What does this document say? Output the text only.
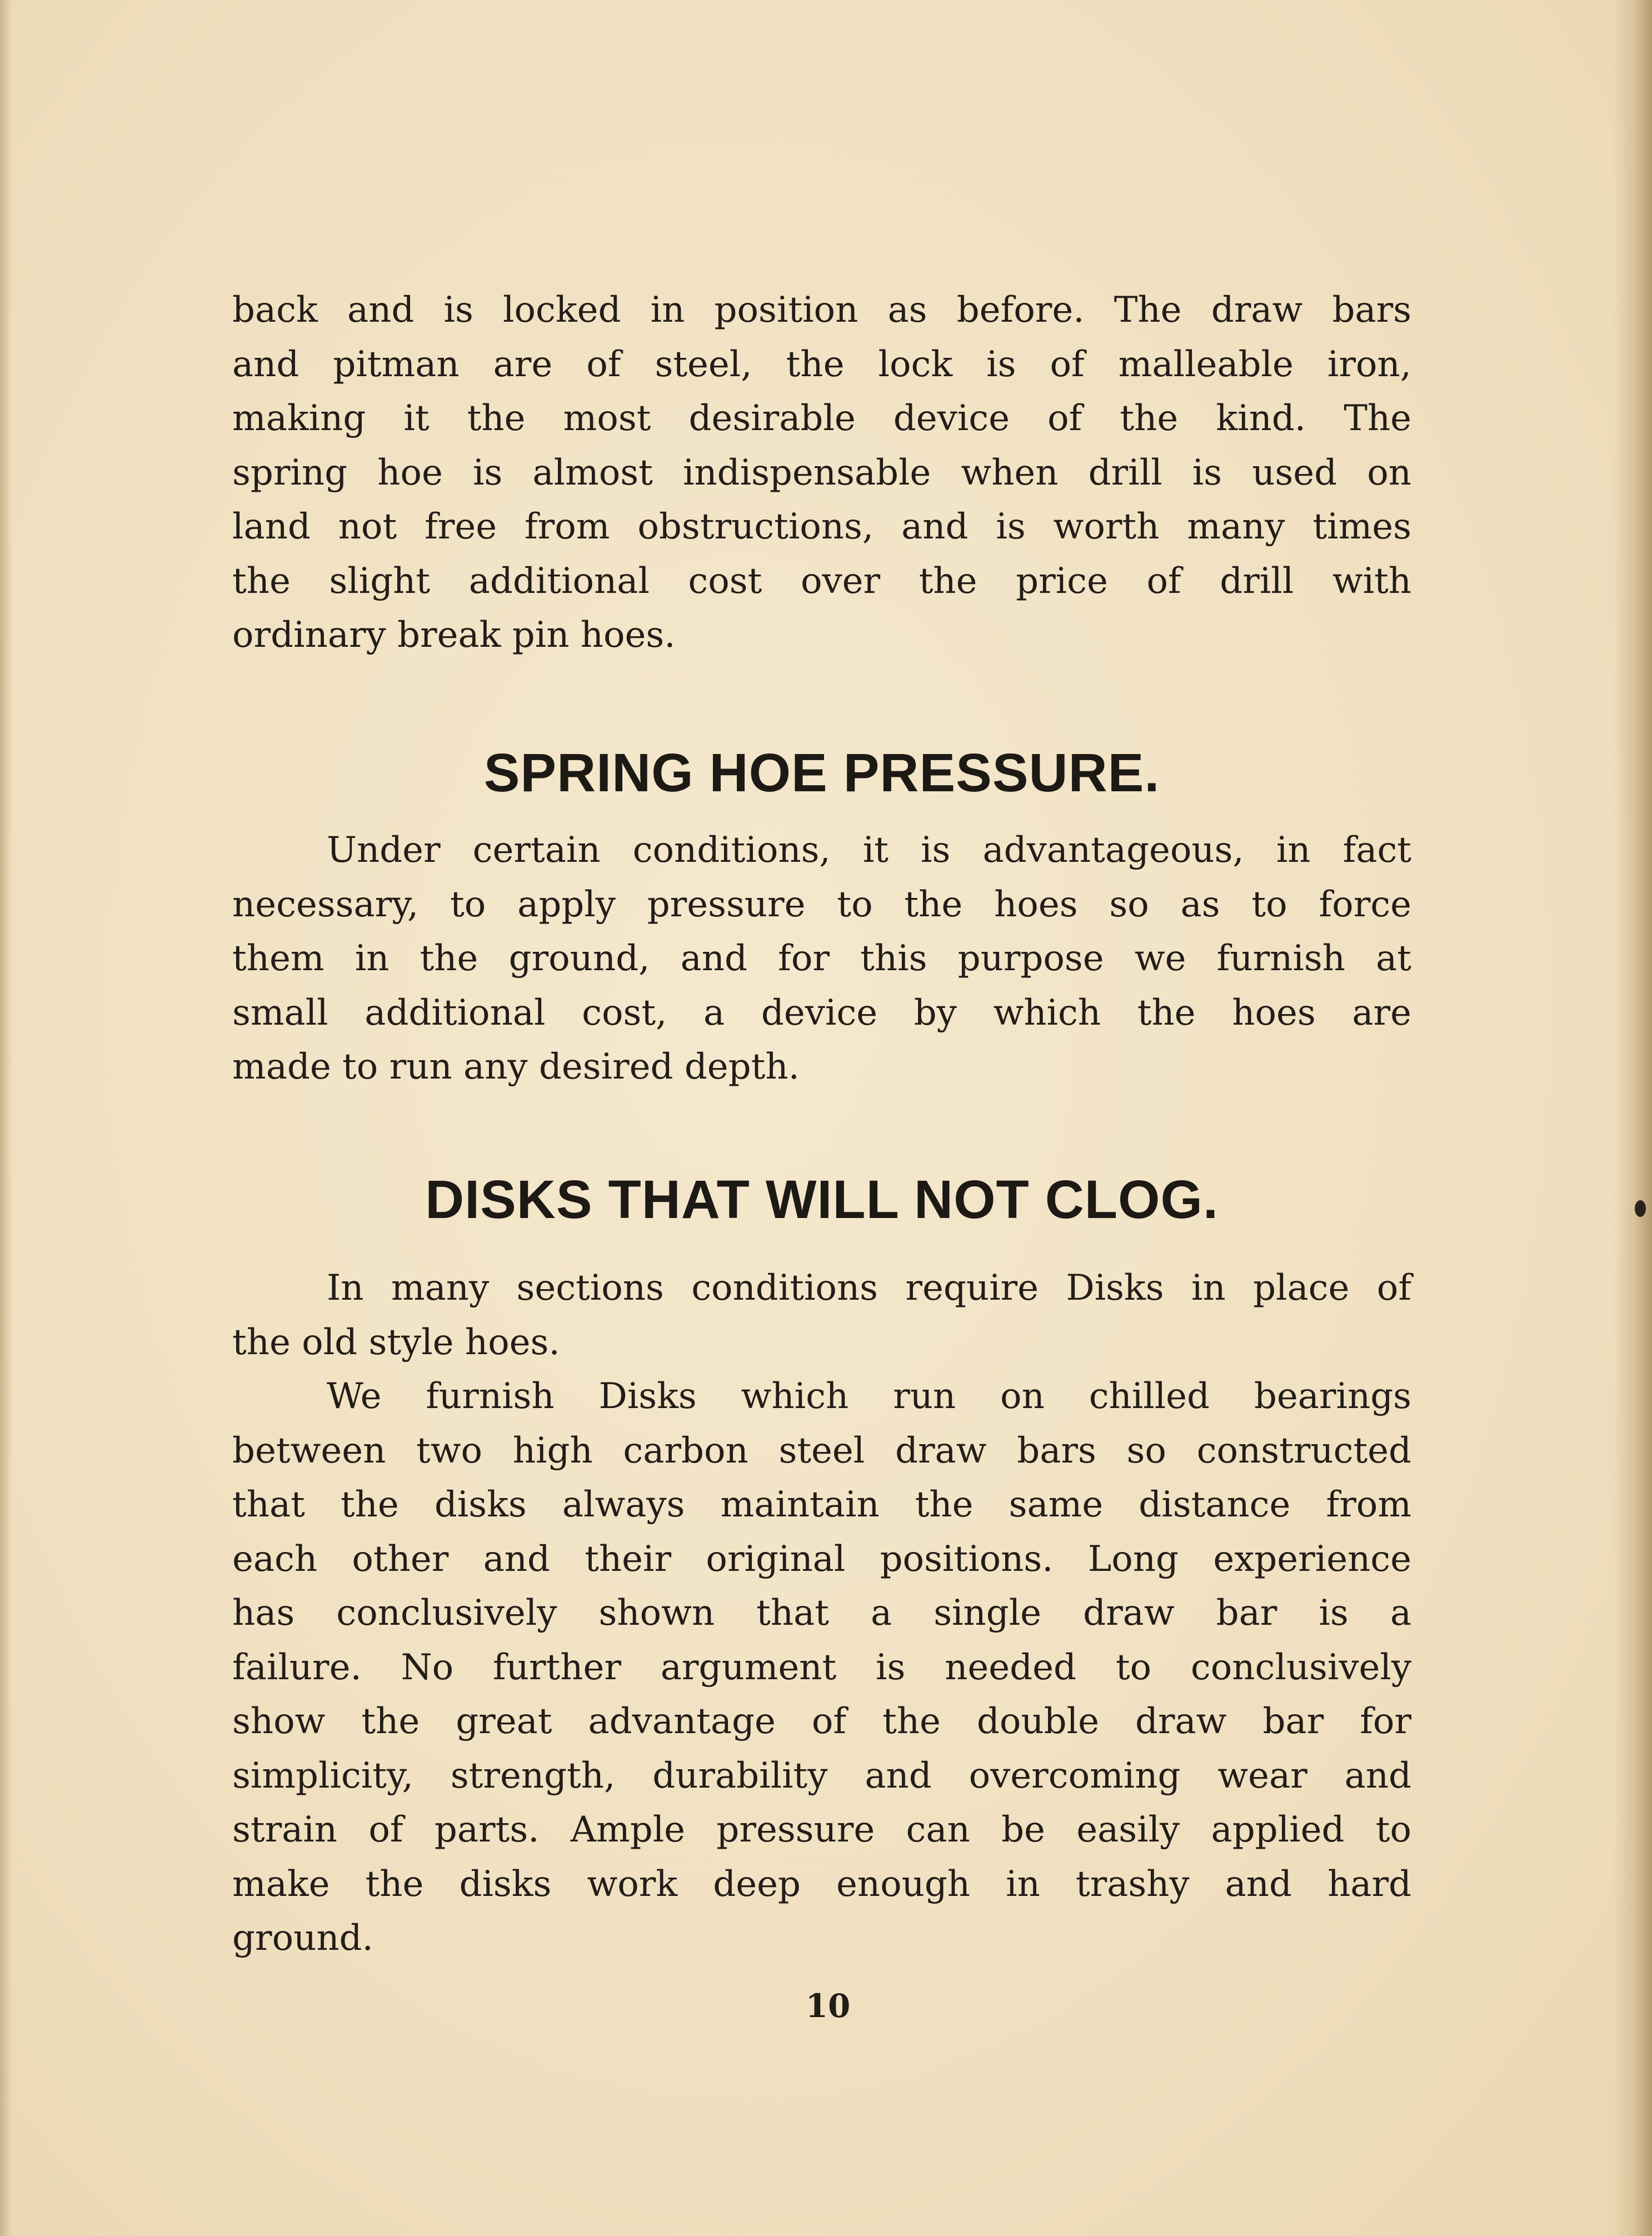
back and is locked in position as before. The draw bars

and pitman are of steel, the lock is of malleable iron,

making it the most desirable device of the kind. The

spring hoe is almost indispensable when drill is used on

land not free from obstructions, and is worth many times

the slight additional cost over the price of drill with

ordinary break pin hoes.

SPRING HOE PRESSURE.

Under certain conditions, it is advantageous, in fact

necessary, to apply pressure to the hoes so as to force

them in the ground, and for this purpose we furnish at

small additional cost, a device by which the hoes are

made to run any desired depth.

DISKS THAT WILL NOT CLOG.

In many sections conditions require Disks in place of

the old style hoes.

We furnish Disks which run on chilled bearings

between two high carbon steel draw bars so constructed

that the disks always maintain the same distance from

each other and their original positions. Long experience

has conclusively shown that a single draw bar is a

failure. No further argument is needed to conclusively

show the great advantage of the double draw bar for

simplicity, strength, durability and overcoming wear and

strain of parts. Ample pressure can be easily applied to

make the disks work deep enough in trashy and hard

ground.

10
